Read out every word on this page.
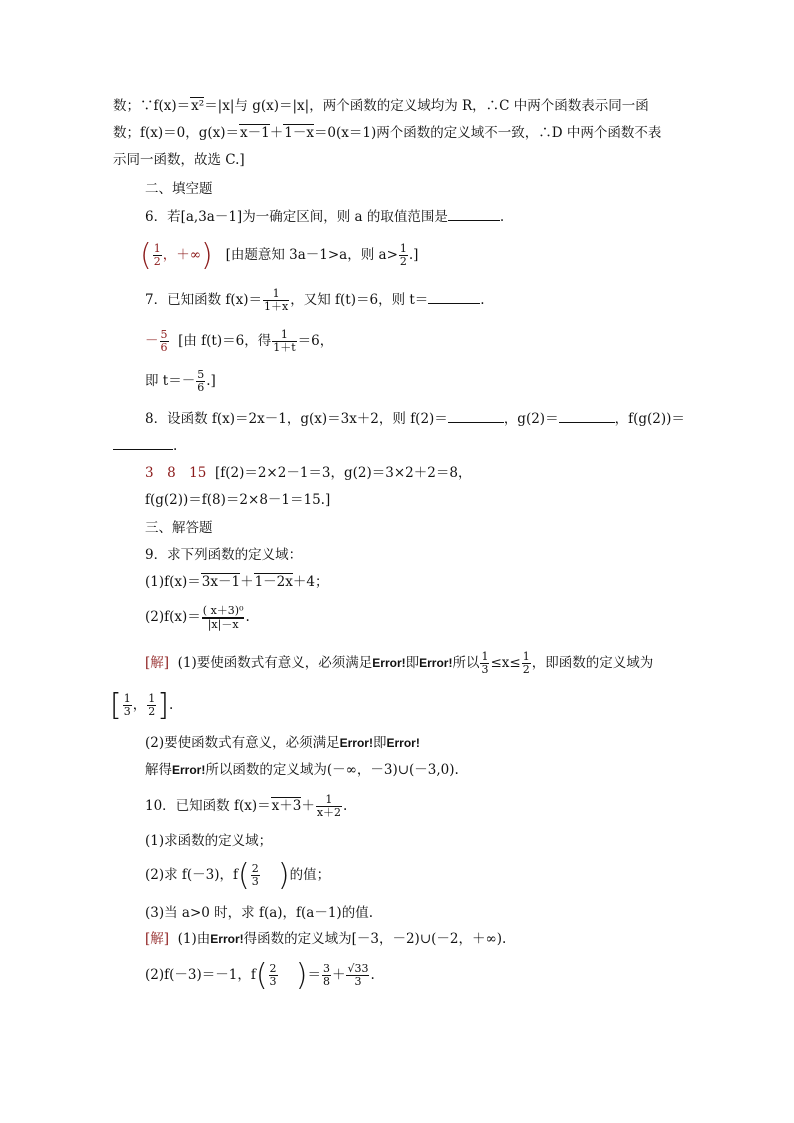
数；∵f(x)＝x²＝|x|与 g(x)＝|x|，两个函数的定义域均为 R，∴C 中两个函数表示同一函
数；f(x)＝0，g(x)＝x－1＋1－x＝0(x＝1)两个函数的定义域不一致，∴D 中两个函数不表
示同一函数，故选 C.]
二、填空题
6．若[a,3a－1]为一确定区间，则 a 的取值范围是	.
( $\frac{1}{2}$ ，＋∞) [由题意知 3a－1>a，则 $a> \frac{1}{2}$ .]
7．已知函数 $f(x)= \frac{1}{1+x}$ ，又知 f(t)＝6，则 t＝	.
－ $\frac{5}{6}$ [由 f(t)＝6，得 $\frac{1}{1+t} =6$，
即 $t=- \frac{5}{6}$ .]
8．设函数 f(x)＝2x－1，g(x)＝3x＋2，则 f(2)＝	，g(2)＝	，f(g(2))＝
.
3　8　15 [f(2)＝2×2－1＝3，g(2)＝3×2＋2＝8，
f(g(2))＝f(8)＝2×8－1＝15.]
三、解答题
9．求下列函数的定义域：
(1)f(x)＝3x－1＋1－2x＋4；
$(2)f(x)= \frac{\text{( x＋3)⁰}}{|x|-x}$ .
[解] (1)要使函数式有意义，必须满足Error!即Error!所以 $\frac{1}{3} \le x\le \frac{1}{2}$ ，即函数的定义域为
[ $\frac{1}{3}$ ， $\frac{1}{2}$ ].
(2)要使函数式有意义，必须满足Error!即Error!
解得Error!所以函数的定义域为(－∞，－3)∪(－3,0).
10．已知函数 $f(x)=x+3+ \frac{1}{x+2}$ .
(1)求函数的定义域；
(2)求 f(－3)，$f( \frac{2}{3}$ )的值；
(3)当 a>0 时，求 f(a)，f(a－1)的值.
[解] (1)由Error!得函数的定义域为[－3，－2)∪(－2，＋∞).
(2)f(－3)＝－1，$f( \frac{2}{3}$ )＝ $\frac{3}{8} + \frac{√33}{3}$ .
